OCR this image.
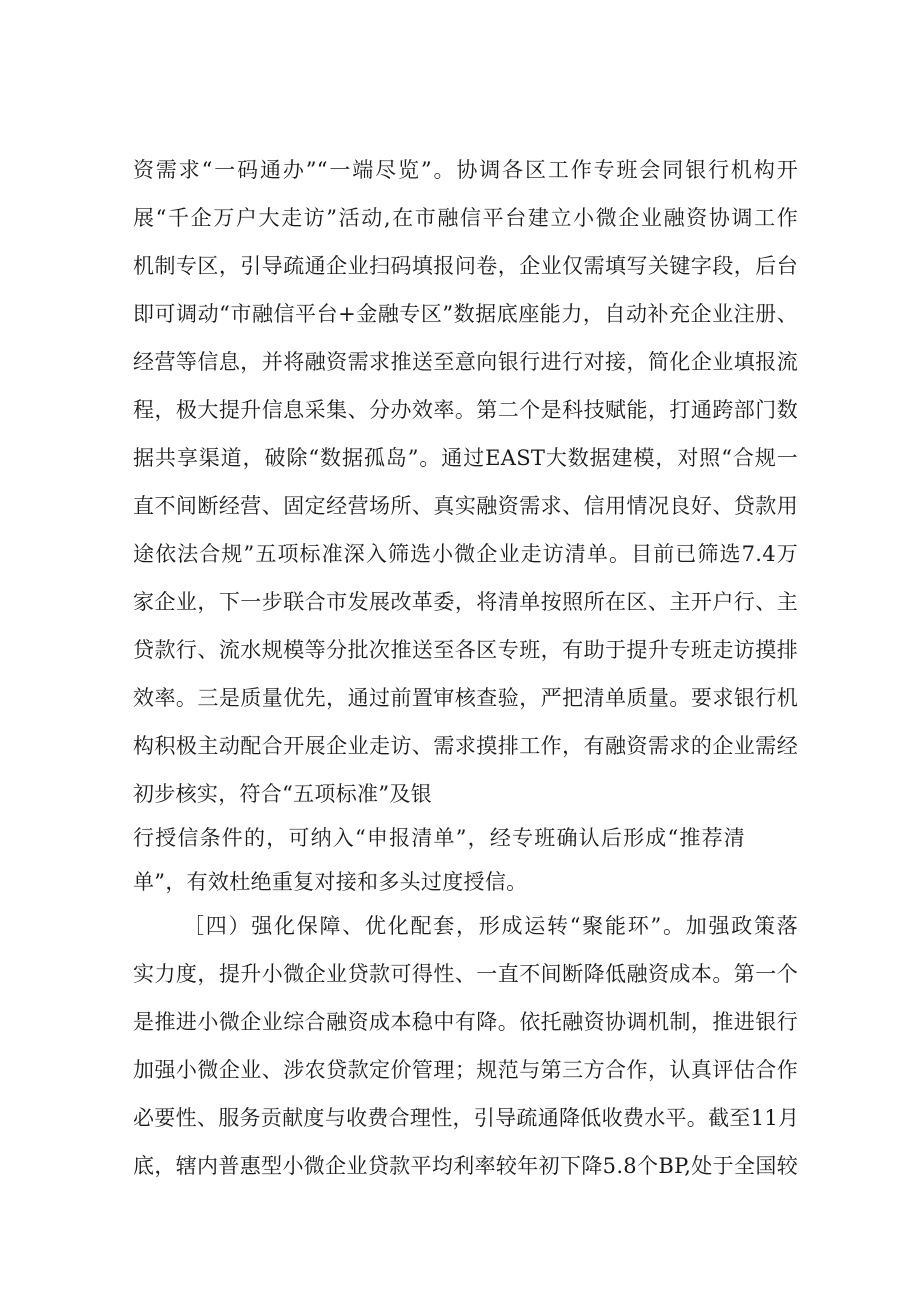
资需求“一码通办”“一端尽览”。协调各区工作专班会同银行机构开
展“千企万户大走访”活动,在市融信平台建立小微企业融资协调工作
机制专区，引导疏通企业扫码填报问卷，企业仅需填写关键字段，后台
即可调动“市融信平台+金融专区”数据底座能力，自动补充企业注册、
经营等信息，并将融资需求推送至意向银行进行对接，简化企业填报流
程，极大提升信息采集、分办效率。第二个是科技赋能，打通跨部门数
据共享渠道，破除“数据孤岛”。通过EAST大数据建模，对照“合规一
直不间断经营、固定经营场所、真实融资需求、信用情况良好、贷款用
途依法合规”五项标准深入筛选小微企业走访清单。目前已筛选7.4万
家企业，下一步联合市发展改革委，将清单按照所在区、主开户行、主
贷款行、流水规模等分批次推送至各区专班，有助于提升专班走访摸排
效率。三是质量优先，通过前置审核查验，严把清单质量。要求银行机
构积极主动配合开展企业走访、需求摸排工作，有融资需求的企业需经
初步核实，符合“五项标准”及银
行授信条件的，可纳入“申报清单”，经专班确认后形成“推荐清
单”，有效杜绝重复对接和多头过度授信。
［四）强化保障、优化配套，形成运转“聚能环”。加强政策落
实力度，提升小微企业贷款可得性、一直不间断降低融资成本。第一个
是推进小微企业综合融资成本稳中有降。依托融资协调机制，推进银行
加强小微企业、涉农贷款定价管理；规范与第三方合作，认真评估合作
必要性、服务贡献度与收费合理性，引导疏通降低收费水平。截至11月
底，辖内普惠型小微企业贷款平均利率较年初下降5.8个BP,处于全国较
